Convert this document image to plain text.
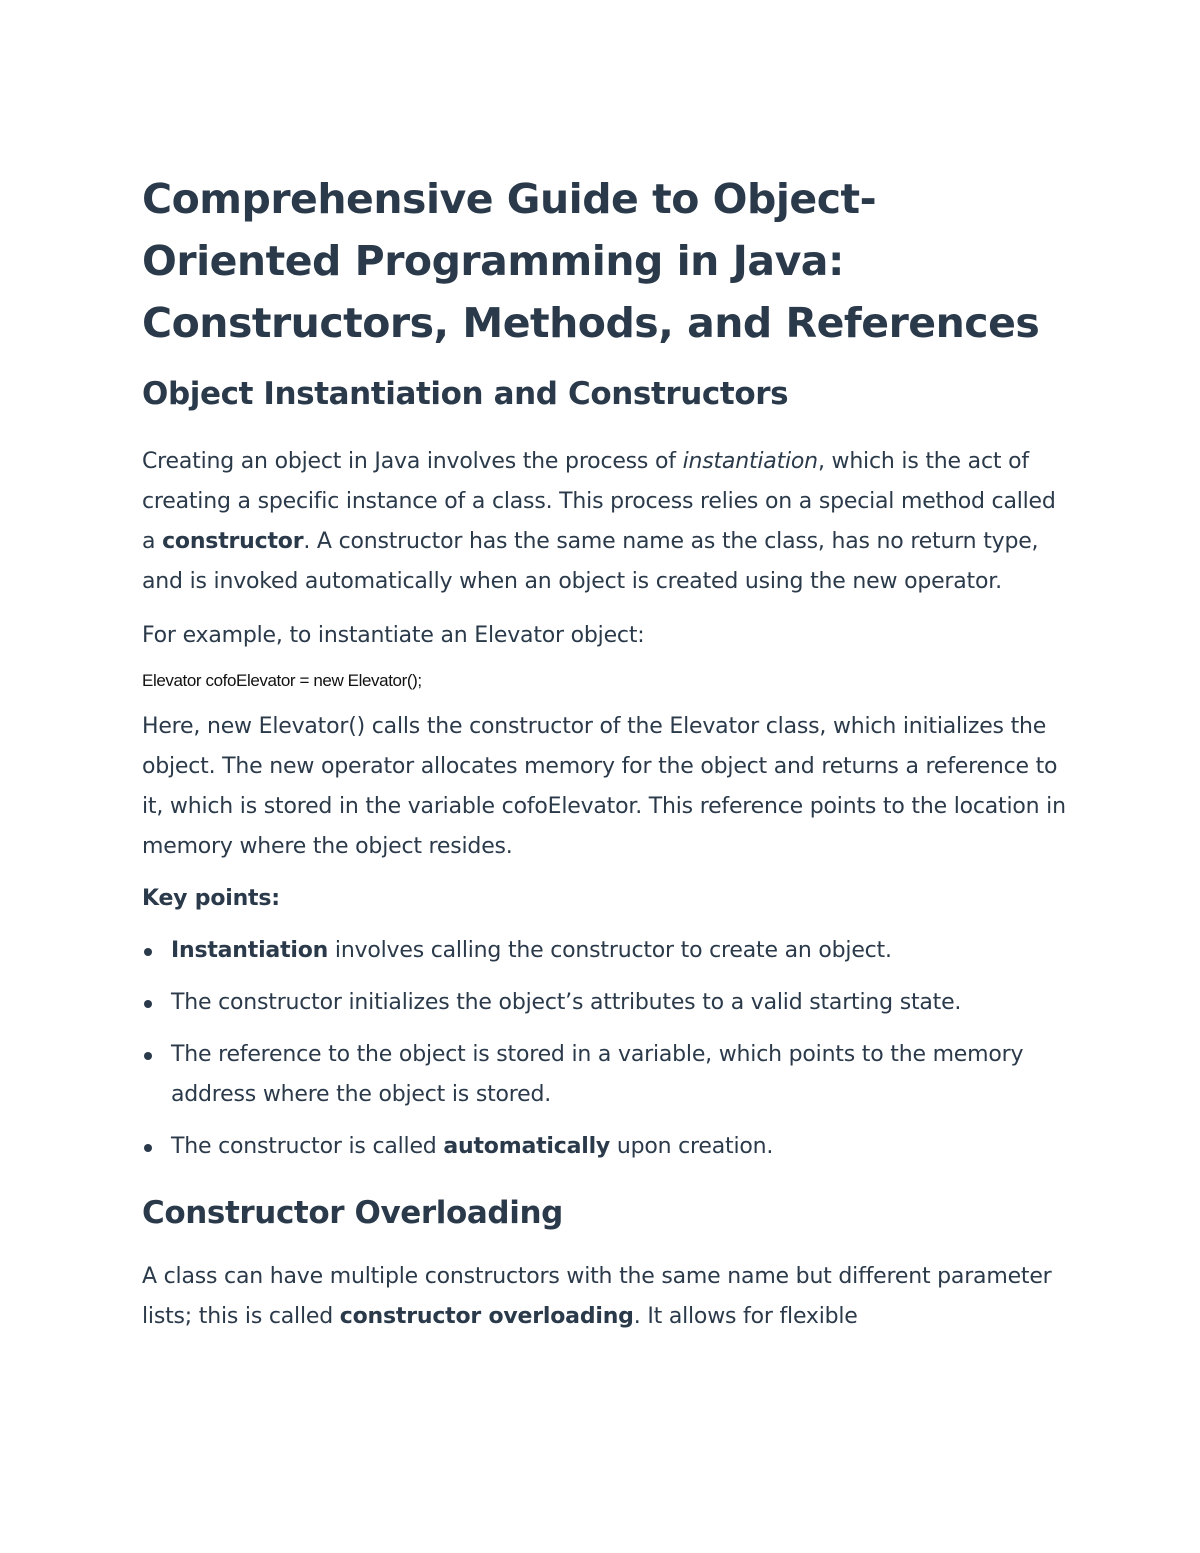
Comprehensive Guide to Object-Oriented Programming in Java: Constructors, Methods, and References
Object Instantiation and Constructors

Creating an object in Java involves the process of instantiation, which is the act of creating a specific instance of a class. This process relies on a special method called a constructor. A constructor has the same name as the class, has no return type, and is invoked automatically when an object is created using the new operator.

For example, to instantiate an Elevator object:

Elevator cofoElevator = new Elevator();

Here, new Elevator() calls the constructor of the Elevator class, which initializes the object. The new operator allocates memory for the object and returns a reference to it, which is stored in the variable cofoElevator. This reference points to the location in memory where the object resides.

Key points:

Instantiation involves calling the constructor to create an object.
The constructor initializes the object’s attributes to a valid starting state.
The reference to the object is stored in a variable, which points to the memory address where the object is stored.
The constructor is called automatically upon creation.
Constructor Overloading

A class can have multiple constructors with the same name but different parameter lists; this is called constructor overloading. It allows for flexible
